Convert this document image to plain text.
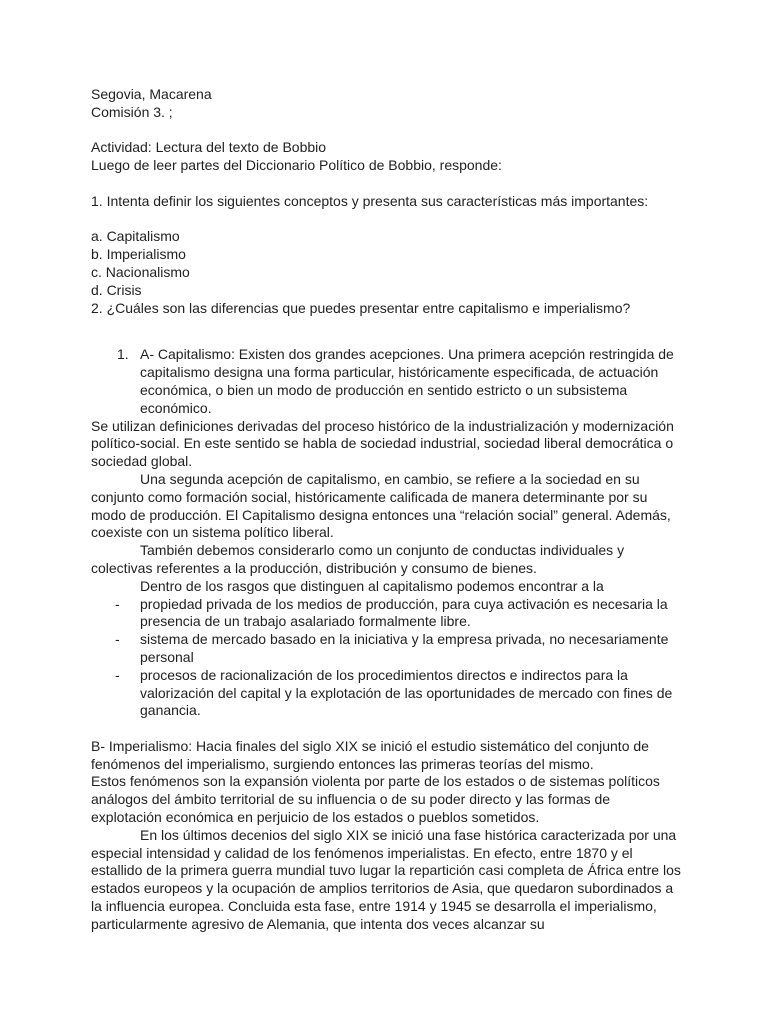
Segovia, Macarena

Comisión 3. ;

Actividad: Lectura del texto de Bobbio

Luego de leer partes del Diccionario Político de Bobbio, responde:

1. Intenta definir los siguientes conceptos y presenta sus características más importantes:

a. Capitalismo

b. Imperialismo

c. Nacionalismo

d. Crisis

2. ¿Cuáles son las diferencias que puedes presentar entre capitalismo e imperialismo?

1. A- Capitalismo: Existen dos grandes acepciones. Una primera acepción restringida de capitalismo designa una forma particular, históricamente especificada, de actuación económica, o bien un modo de producción en sentido estricto o un subsistema económico.

Se utilizan definiciones derivadas del proceso histórico de la industrialización y modernización político-social. En este sentido se habla de sociedad industrial, sociedad liberal democrática o sociedad global.

Una segunda acepción de capitalismo, en cambio, se refiere a la sociedad en su conjunto como formación social, históricamente calificada de manera determinante por su modo de producción. El Capitalismo designa entonces una “relación social” general. Además, coexiste con un sistema político liberal.

También debemos considerarlo como un conjunto de conductas individuales y colectivas referentes a la producción, distribución y consumo de bienes.

Dentro de los rasgos que distinguen al capitalismo podemos encontrar a la

- propiedad privada de los medios de producción, para cuya activación es necesaria la presencia de un trabajo asalariado formalmente libre.
- sistema de mercado basado en la iniciativa y la empresa privada, no necesariamente personal
- procesos de racionalización de los procedimientos directos e indirectos para la valorización del capital y la explotación de las oportunidades de mercado con fines de ganancia.

B- Imperialismo: Hacia finales del siglo XIX se inició el estudio sistemático del conjunto de fenómenos del imperialismo, surgiendo entonces las primeras teorías del mismo.

Estos fenómenos son la expansión violenta por parte de los estados o de sistemas políticos análogos del ámbito territorial de su influencia o de su poder directo y las formas de explotación económica en perjuicio de los estados o pueblos sometidos.

En los últimos decenios del siglo XIX se inició una fase histórica caracterizada por una especial intensidad y calidad de los fenómenos imperialistas. En efecto, entre 1870 y el estallido de la primera guerra mundial tuvo lugar la repartición casi completa de África entre los estados europeos y la ocupación de amplios territorios de Asia, que quedaron subordinados a la influencia europea. Concluida esta fase, entre 1914 y 1945 se desarrolla el imperialismo, particularmente agresivo de Alemania, que intenta dos veces alcanzar su
